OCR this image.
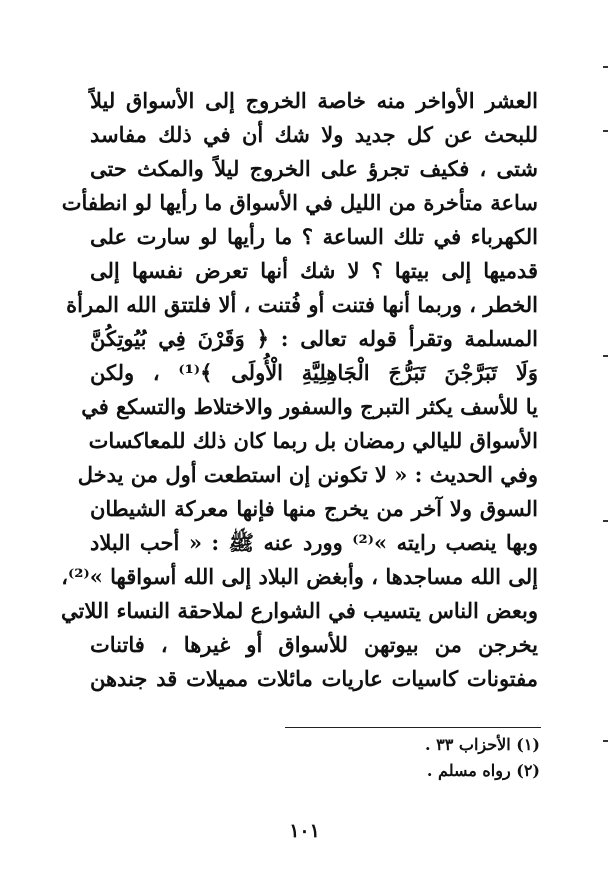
العشر الأواخر منه خاصة الخروج إلى الأسواق ليلاً
للبحث عن كل جديد ولا شك أن في ذلك مفاسد
شتى ، فكيف تجرؤ على الخروج ليلاً والمكث حتى
ساعة متأخرة من الليل في الأسواق ما رأيها لو انطفأت
الكهرباء في تلك الساعة ؟ ما رأيها لو سارت على
قدميها إلى بيتها ؟ لا شك أنها تعرض نفسها إلى
الخطر ، وربما أنها فتنت أو فُتنت ، ألا فلتتق الله المرأة
المسلمة وتقرأ قوله تعالى : ﴿ وَقَرْنَ فِي بُيُوتِكُنَّ
وَلَا تَبَرَّجْنَ تَبَرُّجَ الْجَاهِلِيَّةِ الْأُولَى ﴾⁽¹⁾ ، ولكن
يا للأسف يكثر التبرج والسفور والاختلاط والتسكع في
الأسواق لليالي رمضان بل ربما كان ذلك للمعاكسات
وفي الحديث : « لا تكونن إن استطعت أول من يدخل
السوق ولا آخر من يخرج منها فإنها معركة الشيطان
وبها ينصب رايته »⁽²⁾ وورد عنه ﷺ : « أحب البلاد
إلى الله مساجدها ، وأبغض البلاد إلى الله أسواقها »⁽²⁾،
وبعض الناس يتسيب في الشوارع لملاحقة النساء اللاتي
يخرجن من بيوتهن للأسواق أو غيرها ، فاتنات
مفتونات كاسيات عاريات مائلات مميلات قد جندهن
(١) الأحزاب ٣٣ .
(٢) رواه مسلم .
١٠١
